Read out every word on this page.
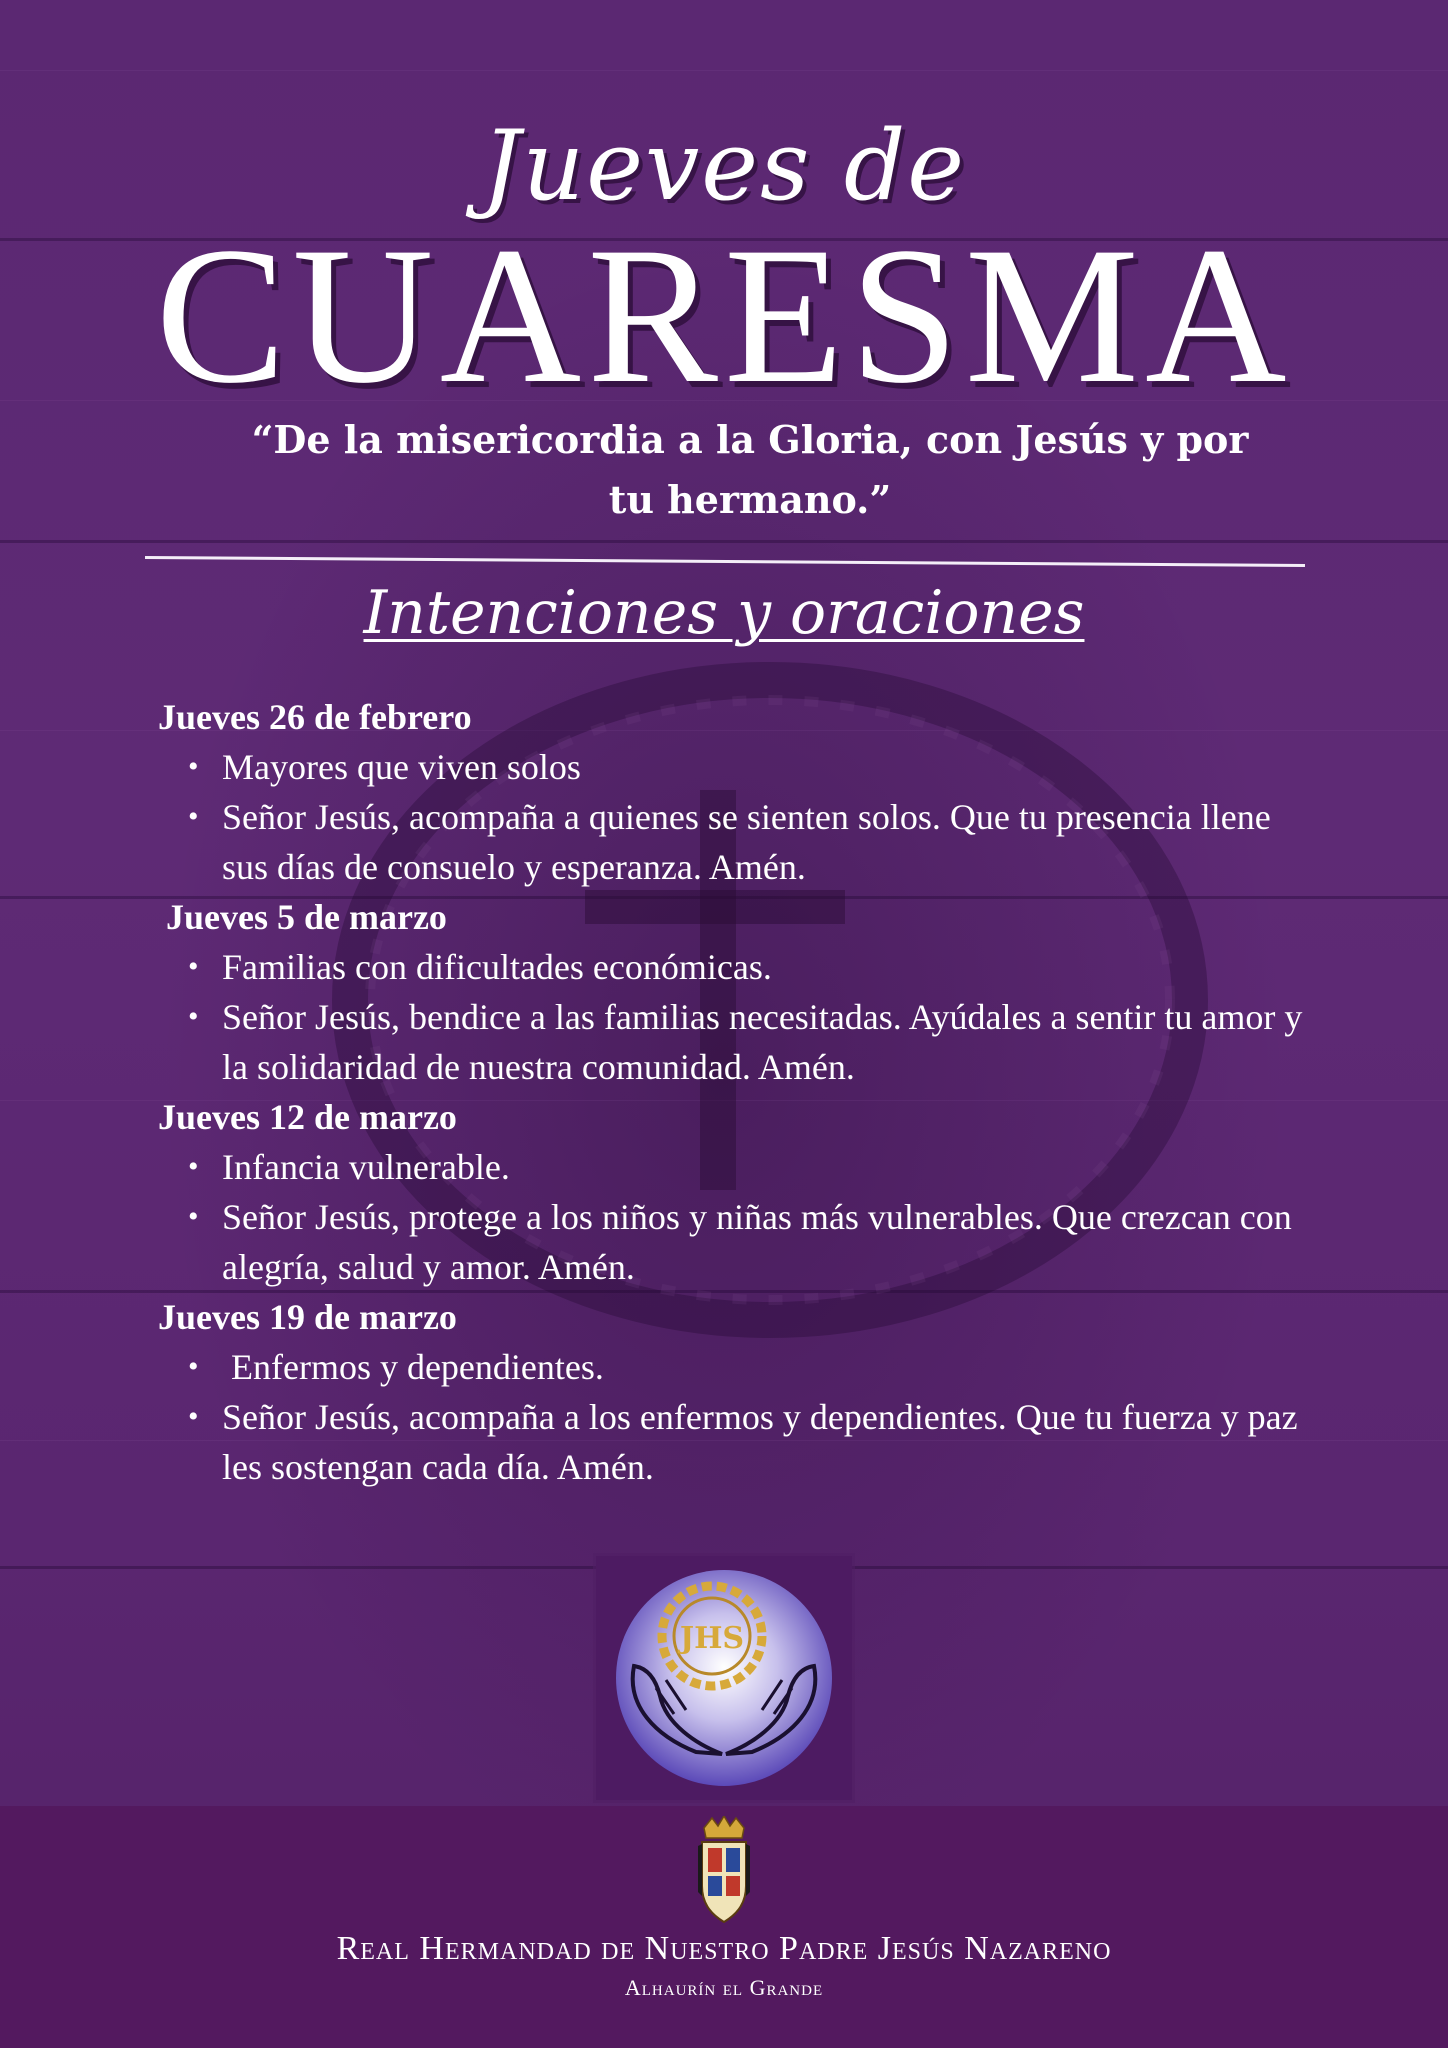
Jueves de
CUARESMA
“De la misericordia a la Gloria, con Jesús y por tu hermano.”
Intenciones y oraciones

Jueves 26 de febrero

• Mayores que viven solos
• Señor Jesús, acompaña a quienes se sienten solos. Que tu presencia llene sus días de consuelo y esperanza. Amén.

Jueves 5 de marzo

• Familias con dificultades económicas.
• Señor Jesús, bendice a las familias necesitadas. Ayúdales a sentir tu amor y la solidaridad de nuestra comunidad. Amén.

Jueves 12 de marzo

• Infancia vulnerable.
• Señor Jesús, protege a los niños y niñas más vulnerables. Que crezcan con alegría, salud y amor. Amén.

Jueves 19 de marzo

• Enfermos y dependientes.
• Señor Jesús, acompaña a los enfermos y dependientes. Que tu fuerza y paz les sostengan cada día. Amén.
JHS
Real Hermandad de Nuestro Padre Jesús Nazareno
Alhaurín el Grande
